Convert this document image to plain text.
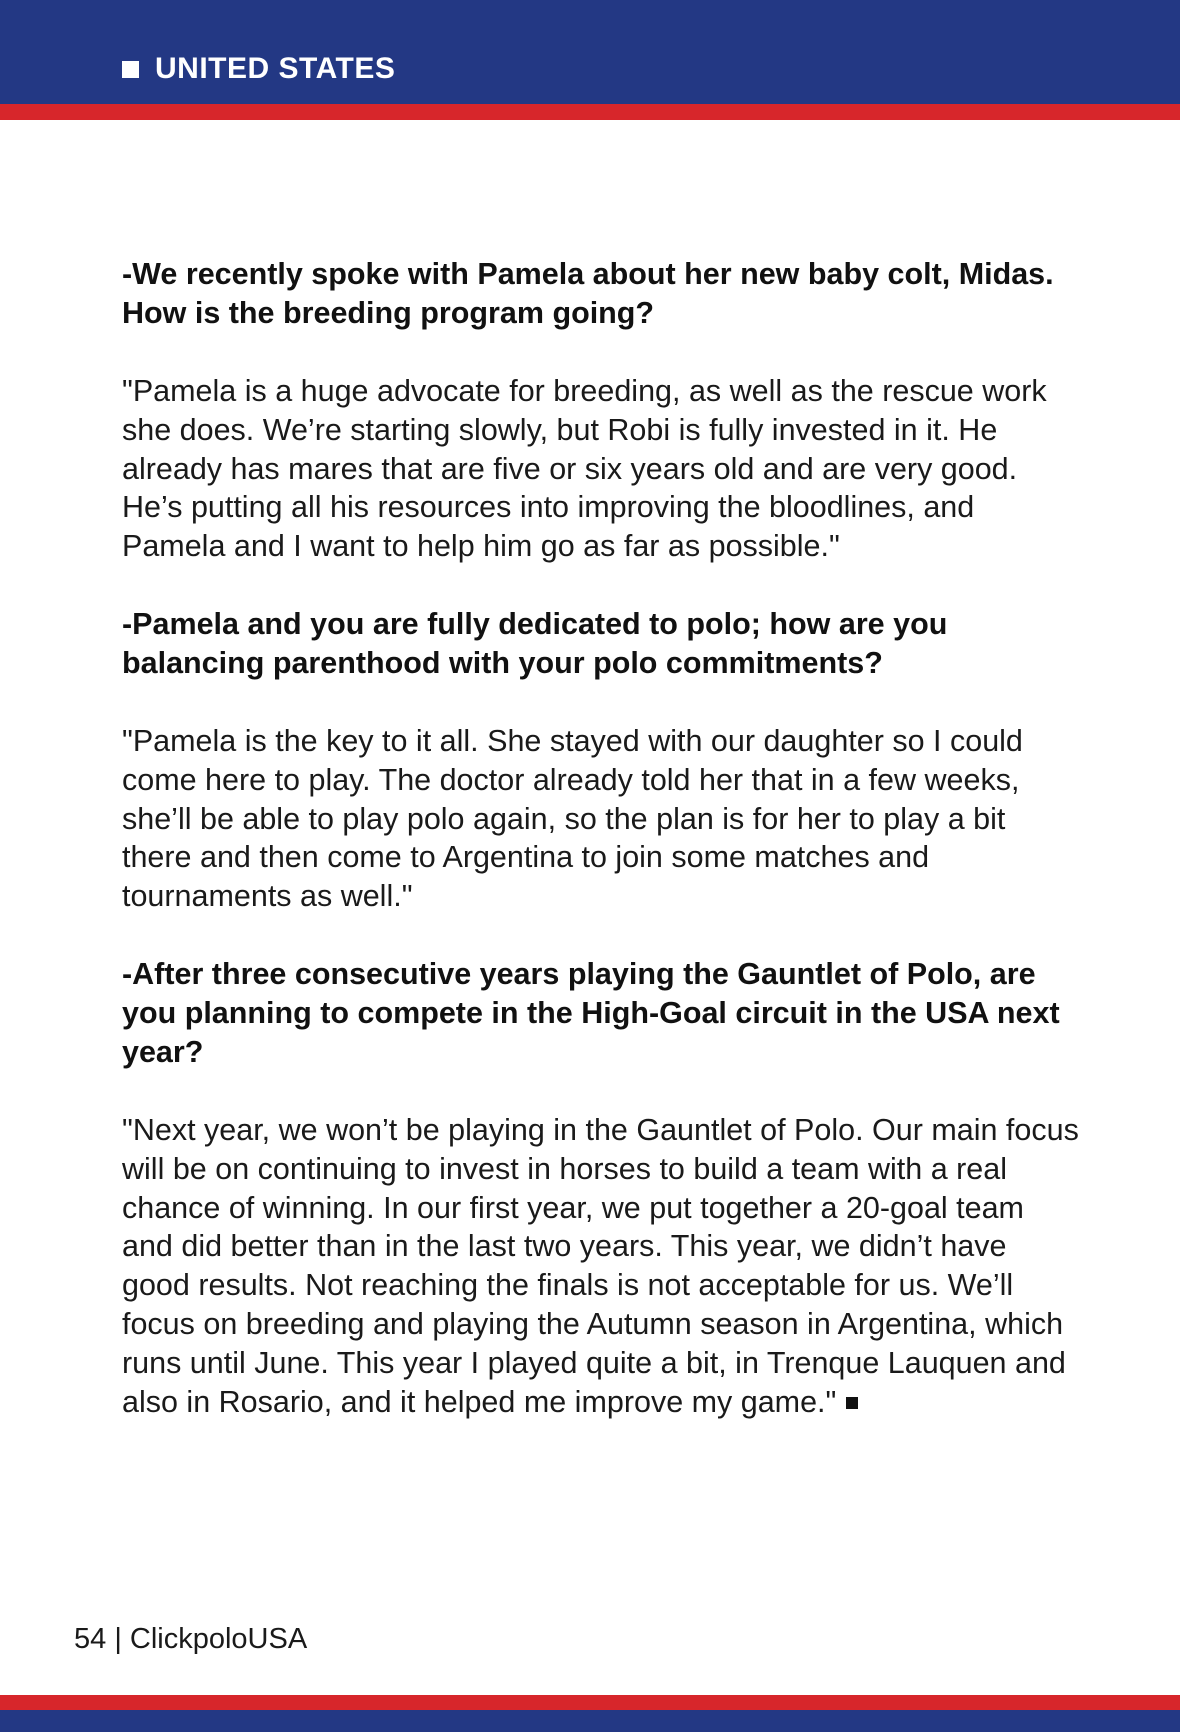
UNITED STATES

-We recently spoke with Pamela about her new baby colt, Midas. How is the breeding program going?

"Pamela is a huge advocate for breeding, as well as the rescue work she does. We’re starting slowly, but Robi is fully invested in it. He already has mares that are five or six years old and are very good. He’s putting all his resources into improving the bloodlines, and Pamela and I want to help him go as far as possible."

-Pamela and you are fully dedicated to polo; how are you balancing parenthood with your polo commitments?

"Pamela is the key to it all. She stayed with our daughter so I could come here to play. The doctor already told her that in a few weeks, she’ll be able to play polo again, so the plan is for her to play a bit there and then come to Argentina to join some matches and tournaments as well."

-After three consecutive years playing the Gauntlet of Polo, are you planning to compete in the High-Goal circuit in the USA next year?

"Next year, we won’t be playing in the Gauntlet of Polo. Our main focus will be on continuing to invest in horses to build a team with a real chance of winning. In our first year, we put together a 20-goal team and did better than in the last two years. This year, we didn’t have good results. Not reaching the finals is not acceptable for us. We’ll focus on breeding and playing the Autumn season in Argentina, which runs until June. This year I played quite a bit, in Trenque Lauquen and also in Rosario, and it helped me improve my game."

54 | ClickpoloUSA
